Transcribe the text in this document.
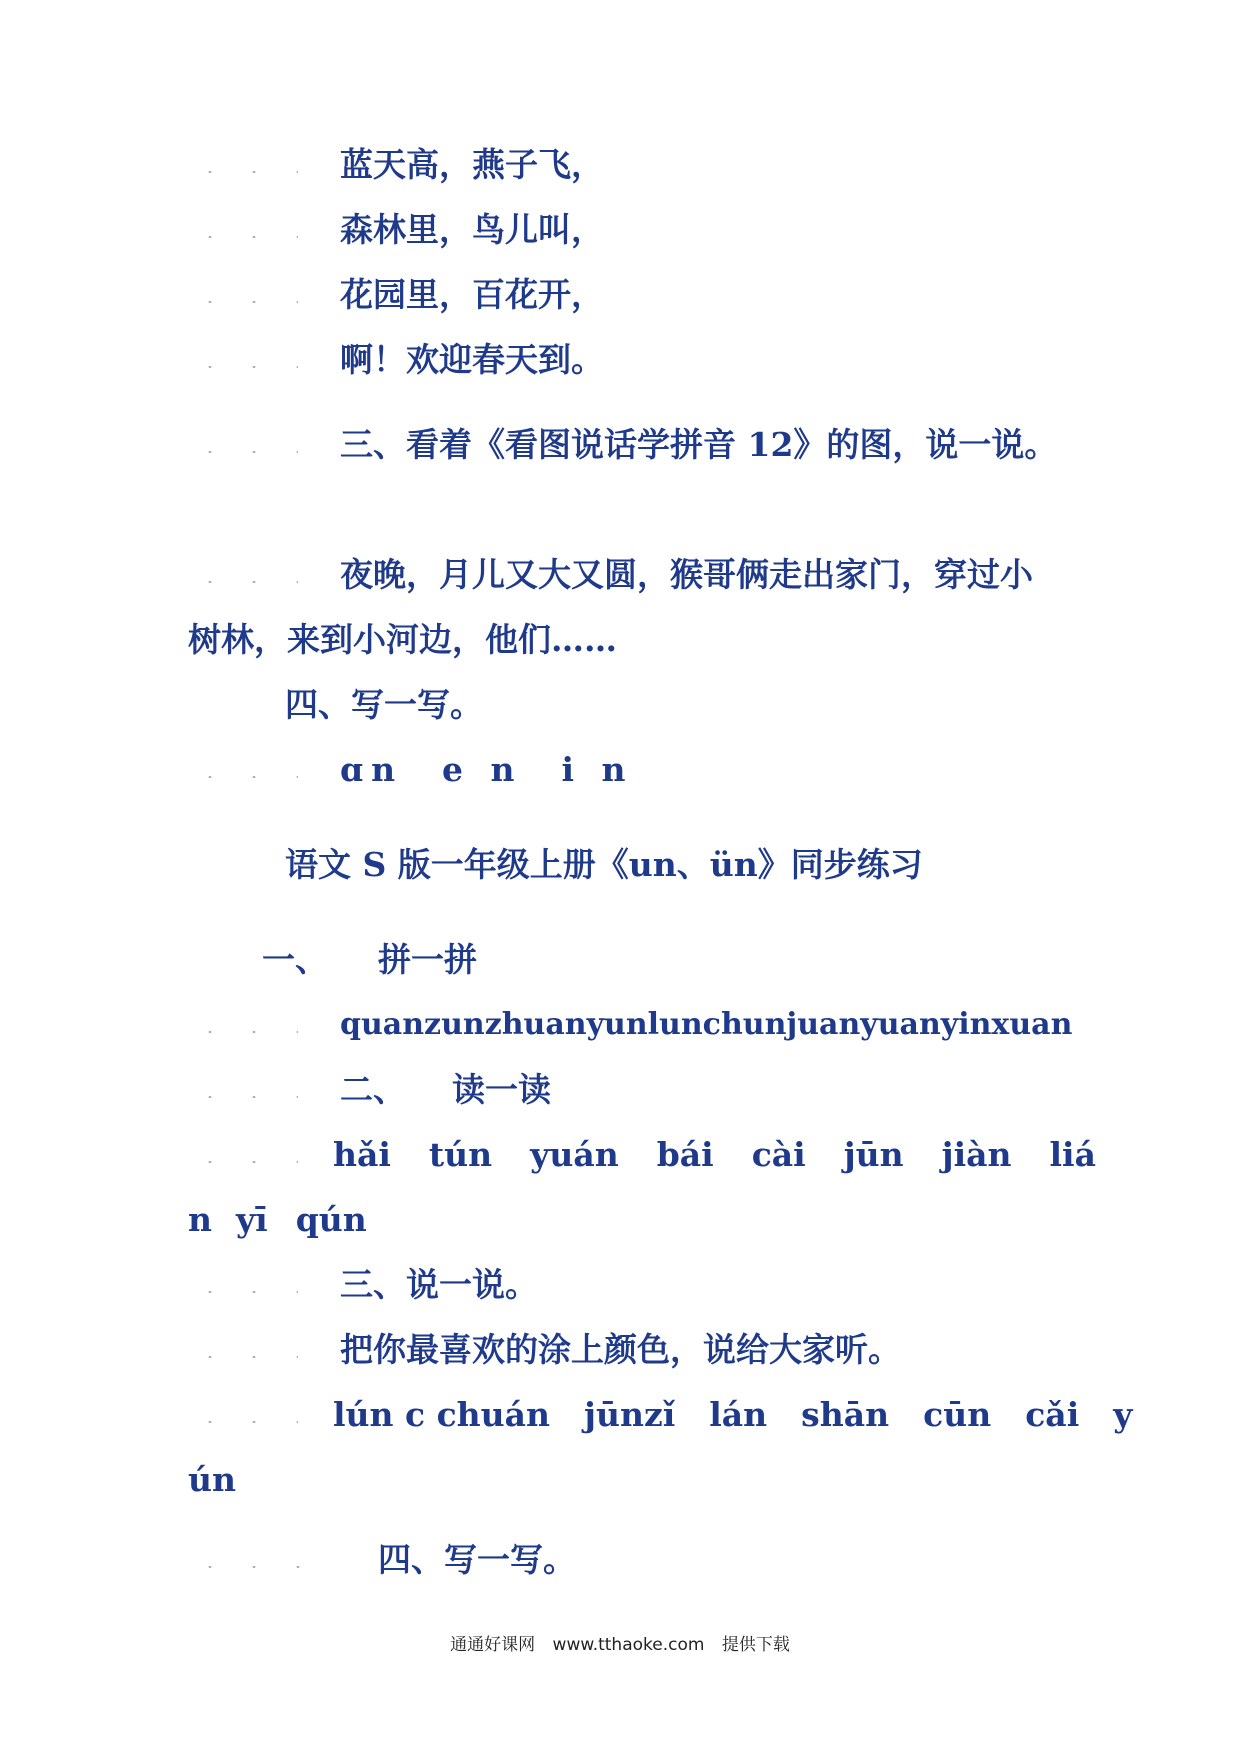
蓝天高，燕子飞，
森林里，鸟儿叫，
花园里，百花开，
啊！欢迎春天到。
三、看着《看图说话学拼音 12》的图，说一说。
夜晚，月儿又大又圆，猴哥俩走出家门，穿过小
树林，来到小河边，他们……
四、写一写。
ɑn  e n  i n
语文 S 版一年级上册《un、ün》同步练习
一、 拼一拼
quanzunzhuanyunlunchunjuanyuanyinxuan
二、 读一读
hǎi tún yuán bái cài jūn jiàn liá
n yī qún
三、说一说。
把你最喜欢的涂上颜色，说给大家听。
lún c chuán jūnzǐ lán shān cūn cǎi y
ún
四、写一写。
通通好课网 www.tthaoke.com 提供下载
